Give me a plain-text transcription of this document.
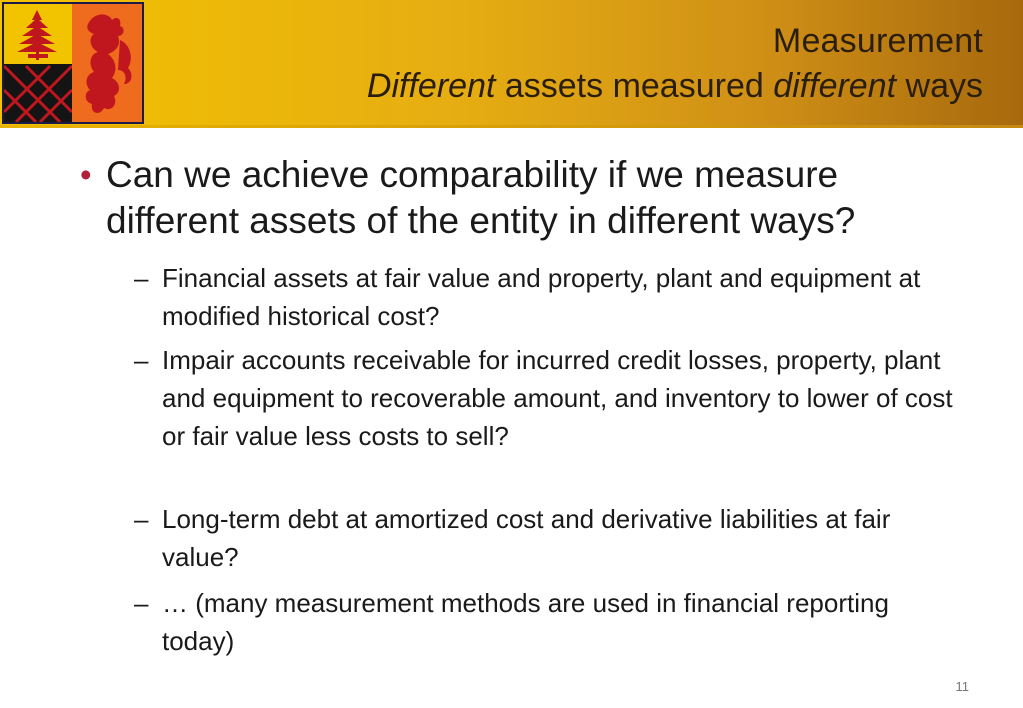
Measurement
Different assets measured different ways
• Can we achieve comparability if we measure different assets of the entity in different ways?
– Financial assets at fair value and property, plant and equipment at modified historical cost?
– Impair accounts receivable for incurred credit losses, property, plant and equipment to recoverable amount, and inventory to lower of cost or fair value less costs to sell?
– Long-term debt at amortized cost and derivative liabilities at fair value?
– … (many measurement methods are used in financial reporting today)
11
